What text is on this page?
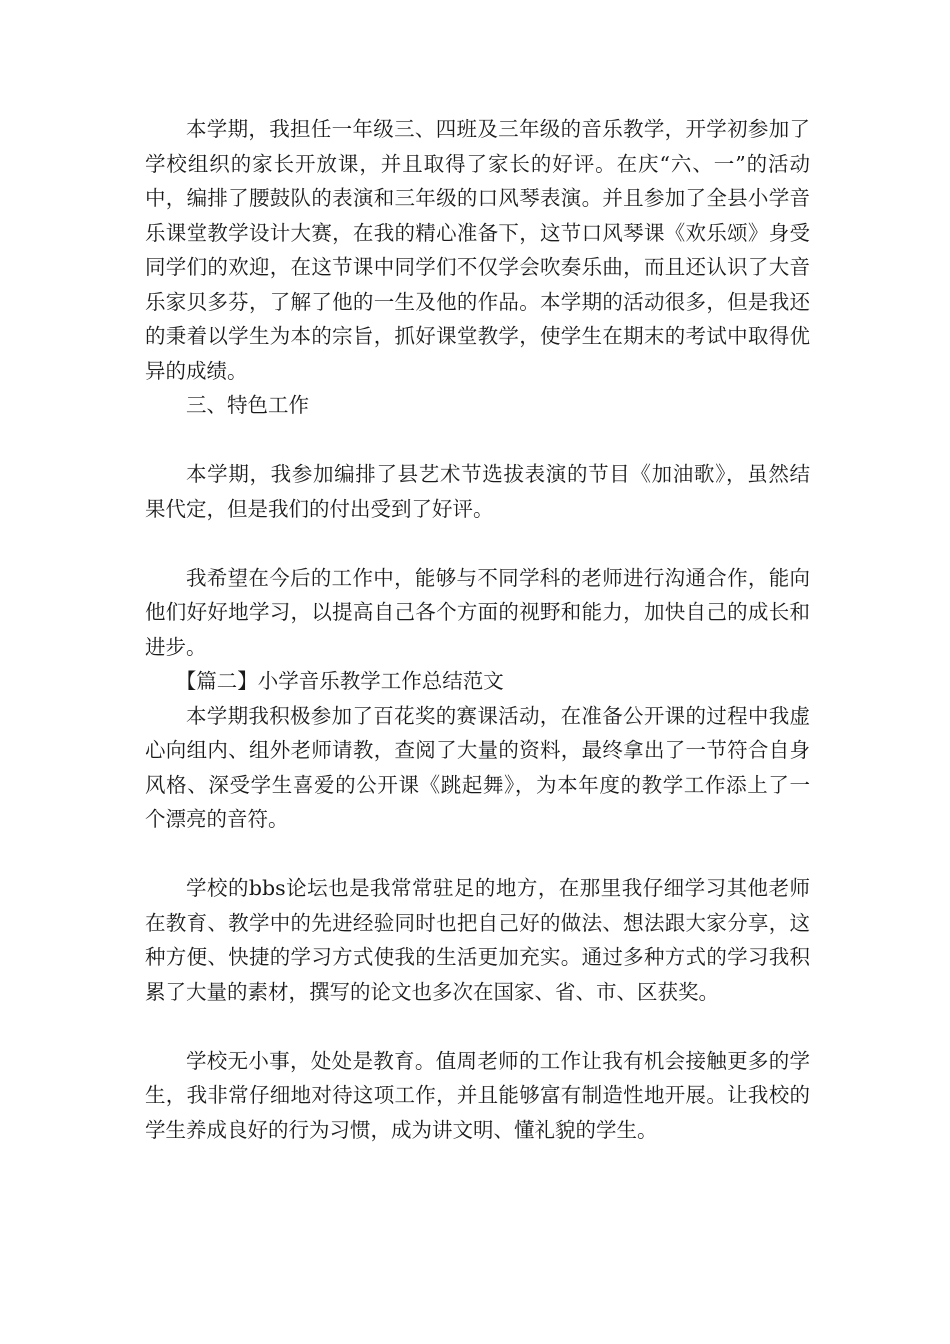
本学期，我担任一年级三、四班及三年级的音乐教学，开学初参加了学校组织的家长开放课，并且取得了家长的好评。在庆“六、一”的活动中，编排了腰鼓队的表演和三年级的口风琴表演。并且参加了全县小学音乐课堂教学设计大赛，在我的精心准备下，这节口风琴课《欢乐颂》身受同学们的欢迎，在这节课中同学们不仅学会吹奏乐曲，而且还认识了大音乐家贝多芬，了解了他的一生及他的作品。本学期的活动很多，但是我还的秉着以学生为本的宗旨，抓好课堂教学，使学生在期末的考试中取得优异的成绩。

三、特色工作

本学期，我参加编排了县艺术节选拔表演的节目《加油歌》，虽然结果代定，但是我们的付出受到了好评。

我希望在今后的工作中，能够与不同学科的老师进行沟通合作，能向他们好好地学习，以提高自己各个方面的视野和能力，加快自己的成长和进步。

【篇二】小学音乐教学工作总结范文

本学期我积极参加了百花奖的赛课活动，在准备公开课的过程中我虚心向组内、组外老师请教，查阅了大量的资料，最终拿出了一节符合自身风格、深受学生喜爱的公开课《跳起舞》，为本年度的教学工作添上了一个漂亮的音符。

学校的bbs论坛也是我常常驻足的地方，在那里我仔细学习其他老师在教育、教学中的先进经验同时也把自己好的做法、想法跟大家分享，这种方便、快捷的学习方式使我的生活更加充实。通过多种方式的学习我积累了大量的素材，撰写的论文也多次在国家、省、市、区获奖。

学校无小事，处处是教育。值周老师的工作让我有机会接触更多的学生，我非常仔细地对待这项工作，并且能够富有制造性地开展。让我校的学生养成良好的行为习惯，成为讲文明、懂礼貌的学生。
